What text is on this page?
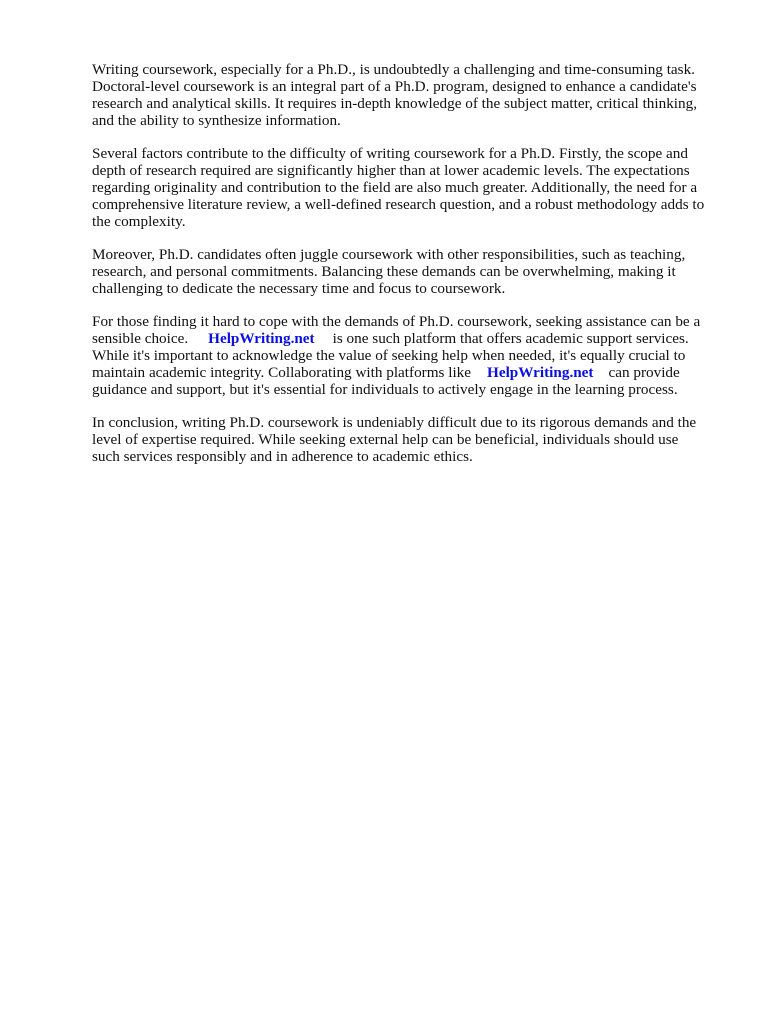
Writing coursework, especially for a Ph.D., is undoubtedly a challenging and time-consuming task.
Doctoral-level coursework is an integral part of a Ph.D. program, designed to enhance a candidate's
research and analytical skills. It requires in-depth knowledge of the subject matter, critical thinking,
and the ability to synthesize information.

Several factors contribute to the difficulty of writing coursework for a Ph.D. Firstly, the scope and
depth of research required are significantly higher than at lower academic levels. The expectations
regarding originality and contribution to the field are also much greater. Additionally, the need for a
comprehensive literature review, a well-defined research question, and a robust methodology adds to
the complexity.

Moreover, Ph.D. candidates often juggle coursework with other responsibilities, such as teaching,
research, and personal commitments. Balancing these demands can be overwhelming, making it
challenging to dedicate the necessary time and focus to coursework.

For those finding it hard to cope with the demands of Ph.D. coursework, seeking assistance can be a
sensible choice. HelpWriting.net is one such platform that offers academic support services.
While it's important to acknowledge the value of seeking help when needed, it's equally crucial to
maintain academic integrity. Collaborating with platforms like HelpWriting.net can provide
guidance and support, but it's essential for individuals to actively engage in the learning process.

In conclusion, writing Ph.D. coursework is undeniably difficult due to its rigorous demands and the
level of expertise required. While seeking external help can be beneficial, individuals should use
such services responsibly and in adherence to academic ethics.
